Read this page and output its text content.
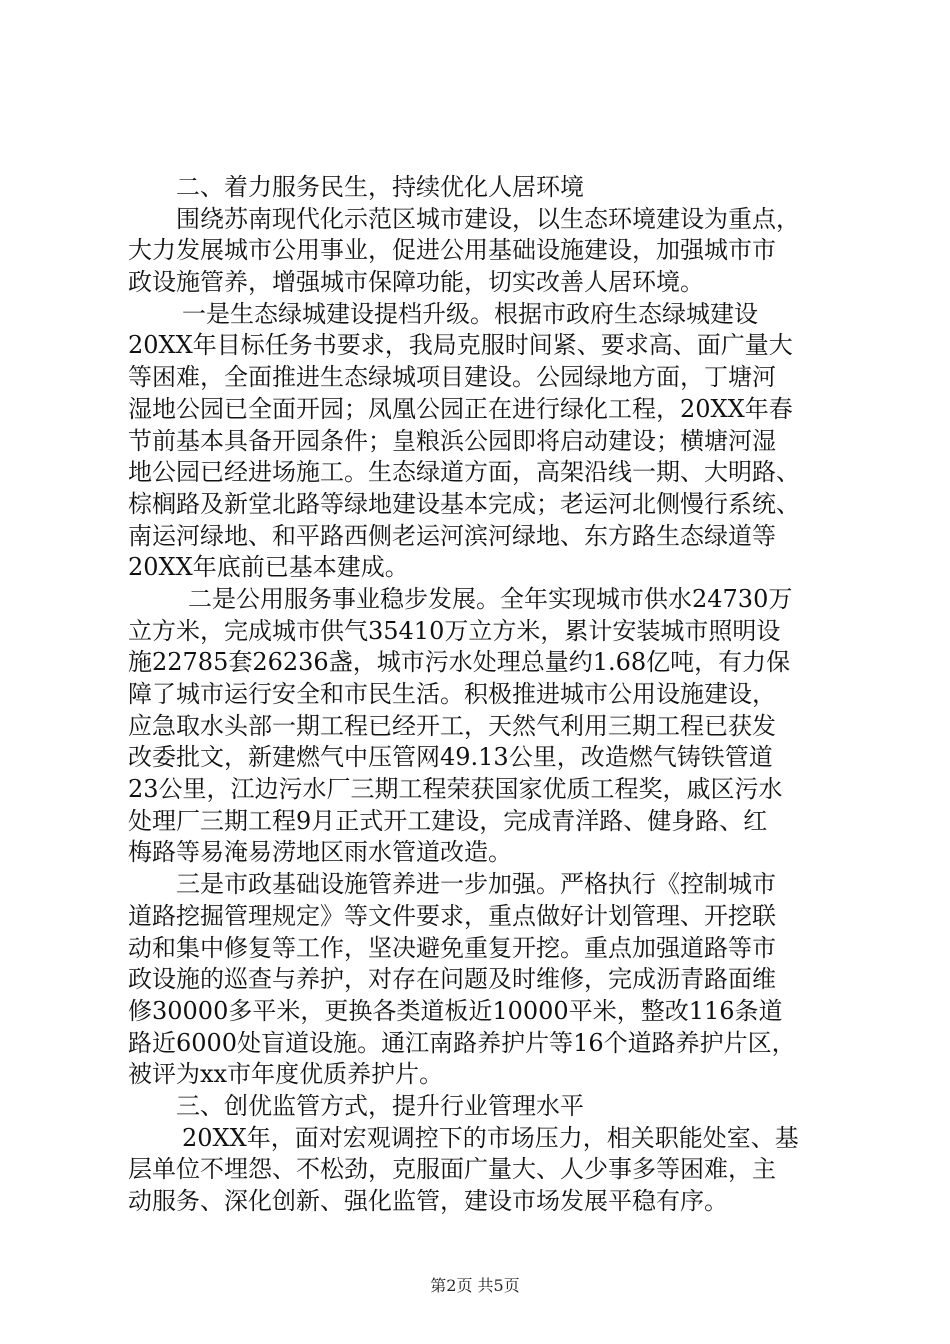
二、着力服务民生，持续优化人居环境
围绕苏南现代化示范区城市建设，以生态环境建设为重点，
大力发展城市公用事业，促进公用基础设施建设，加强城市市
政设施管养，增强城市保障功能，切实改善人居环境。
一是生态绿城建设提档升级。根据市政府生态绿城建设
20XX年目标任务书要求，我局克服时间紧、要求高、面广量大
等困难，全面推进生态绿城项目建设。公园绿地方面，丁塘河
湿地公园已全面开园；凤凰公园正在进行绿化工程，20XX年春
节前基本具备开园条件；皇粮浜公园即将启动建设；横塘河湿
地公园已经进场施工。生态绿道方面，高架沿线一期、大明路、
棕榈路及新堂北路等绿地建设基本完成；老运河北侧慢行系统、
南运河绿地、和平路西侧老运河滨河绿地、东方路生态绿道等
20XX年底前已基本建成。
二是公用服务事业稳步发展。全年实现城市供水24730万
立方米，完成城市供气35410万立方米，累计安装城市照明设
施22785套26236盏，城市污水处理总量约1.68亿吨，有力保
障了城市运行安全和市民生活。积极推进城市公用设施建设，
应急取水头部一期工程已经开工，天然气利用三期工程已获发
改委批文，新建燃气中压管网49.13公里，改造燃气铸铁管道
23公里，江边污水厂三期工程荣获国家优质工程奖，戚区污水
处理厂三期工程9月正式开工建设，完成青洋路、健身路、红
梅路等易淹易涝地区雨水管道改造。
三是市政基础设施管养进一步加强。严格执行《控制城市
道路挖掘管理规定》等文件要求，重点做好计划管理、开挖联
动和集中修复等工作，坚决避免重复开挖。重点加强道路等市
政设施的巡查与养护，对存在问题及时维修，完成沥青路面维
修30000多平米，更换各类道板近10000平米，整改116条道
路近6000处盲道设施。通江南路养护片等16个道路养护片区，
被评为xx市年度优质养护片。
三、创优监管方式，提升行业管理水平
20XX年，面对宏观调控下的市场压力，相关职能处室、基
层单位不埋怨、不松劲，克服面广量大、人少事多等困难，主
动服务、深化创新、强化监管，建设市场发展平稳有序。
第2页 共5页
